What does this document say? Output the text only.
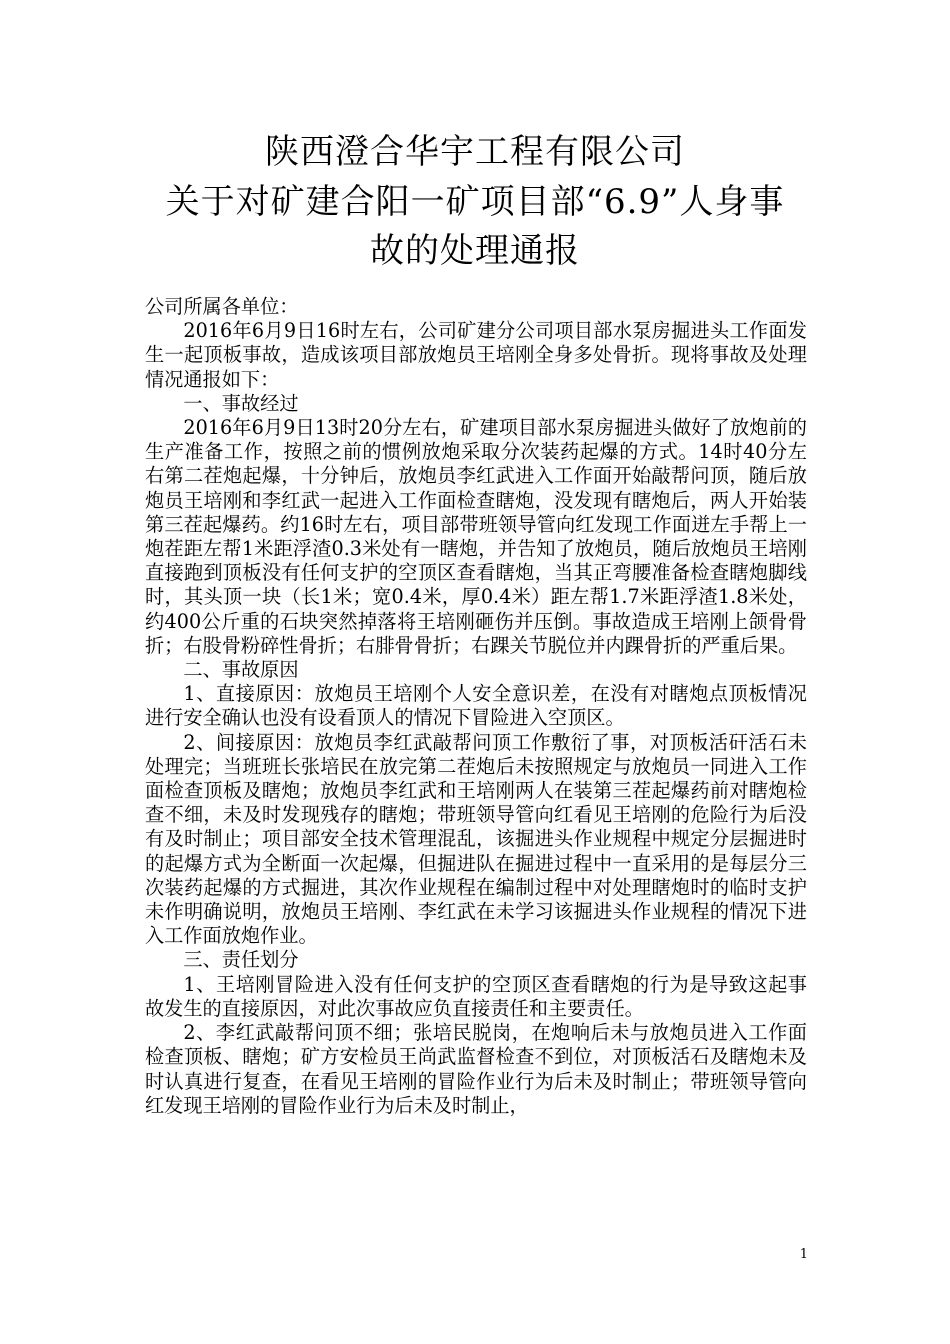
陕西澄合华宇工程有限公司
关于对矿建合阳一矿项目部“6.9”人身事
故的处理通报

公司所属各单位：

2016年6月9日16时左右，公司矿建分公司项目部水泵房掘进头工作面发生一起顶板事故，造成该项目部放炮员王培刚全身多处骨折。现将事故及处理情况通报如下：

一、事故经过

2016年6月9日13时20分左右，矿建项目部水泵房掘进头做好了放炮前的生产准备工作，按照之前的惯例放炮采取分次装药起爆的方式。14时40分左右第二茬炮起爆，十分钟后，放炮员李红武进入工作面开始敲帮问顶，随后放炮员王培刚和李红武一起进入工作面检查瞎炮，没发现有瞎炮后，两人开始装第三茬起爆药。约16时左右，项目部带班领导管向红发现工作面迸左手帮上一炮茬距左帮1米距浮渣0.3米处有一瞎炮，并告知了放炮员，随后放炮员王培刚直接跑到顶板没有任何支护的空顶区查看瞎炮，当其正弯腰准备检查瞎炮脚线时，其头顶一块（长1米；宽0.4米，厚0.4米）距左帮1.7米距浮渣1.8米处，约400公斤重的石块突然掉落将王培刚砸伤并压倒。事故造成王培刚上颌骨骨折；右股骨粉碎性骨折；右腓骨骨折；右踝关节脱位并内踝骨折的严重后果。

二、事故原因

1、直接原因：放炮员王培刚个人安全意识差，在没有对瞎炮点顶板情况进行安全确认也没有设看顶人的情况下冒险进入空顶区。

2、间接原因：放炮员李红武敲帮问顶工作敷衍了事，对顶板活矸活石未处理完；当班班长张培民在放完第二茬炮后未按照规定与放炮员一同进入工作面检查顶板及瞎炮；放炮员李红武和王培刚两人在装第三茬起爆药前对瞎炮检查不细，未及时发现残存的瞎炮；带班领导管向红看见王培刚的危险行为后没有及时制止；项目部安全技术管理混乱，该掘进头作业规程中规定分层掘进时的起爆方式为全断面一次起爆，但掘进队在掘进过程中一直采用的是每层分三次装药起爆的方式掘进，其次作业规程在编制过程中对处理瞎炮时的临时支护未作明确说明，放炮员王培刚、李红武在未学习该掘进头作业规程的情况下进入工作面放炮作业。

三、责任划分

1、王培刚冒险进入没有任何支护的空顶区查看瞎炮的行为是导致这起事故发生的直接原因，对此次事故应负直接责任和主要责任。

2、李红武敲帮问顶不细；张培民脱岗，在炮响后未与放炮员进入工作面检查顶板、瞎炮；矿方安检员王尚武监督检查不到位，对顶板活石及瞎炮未及时认真进行复查，在看见王培刚的冒险作业行为后未及时制止；带班领导管向红发现王培刚的冒险作业行为后未及时制止，

1
